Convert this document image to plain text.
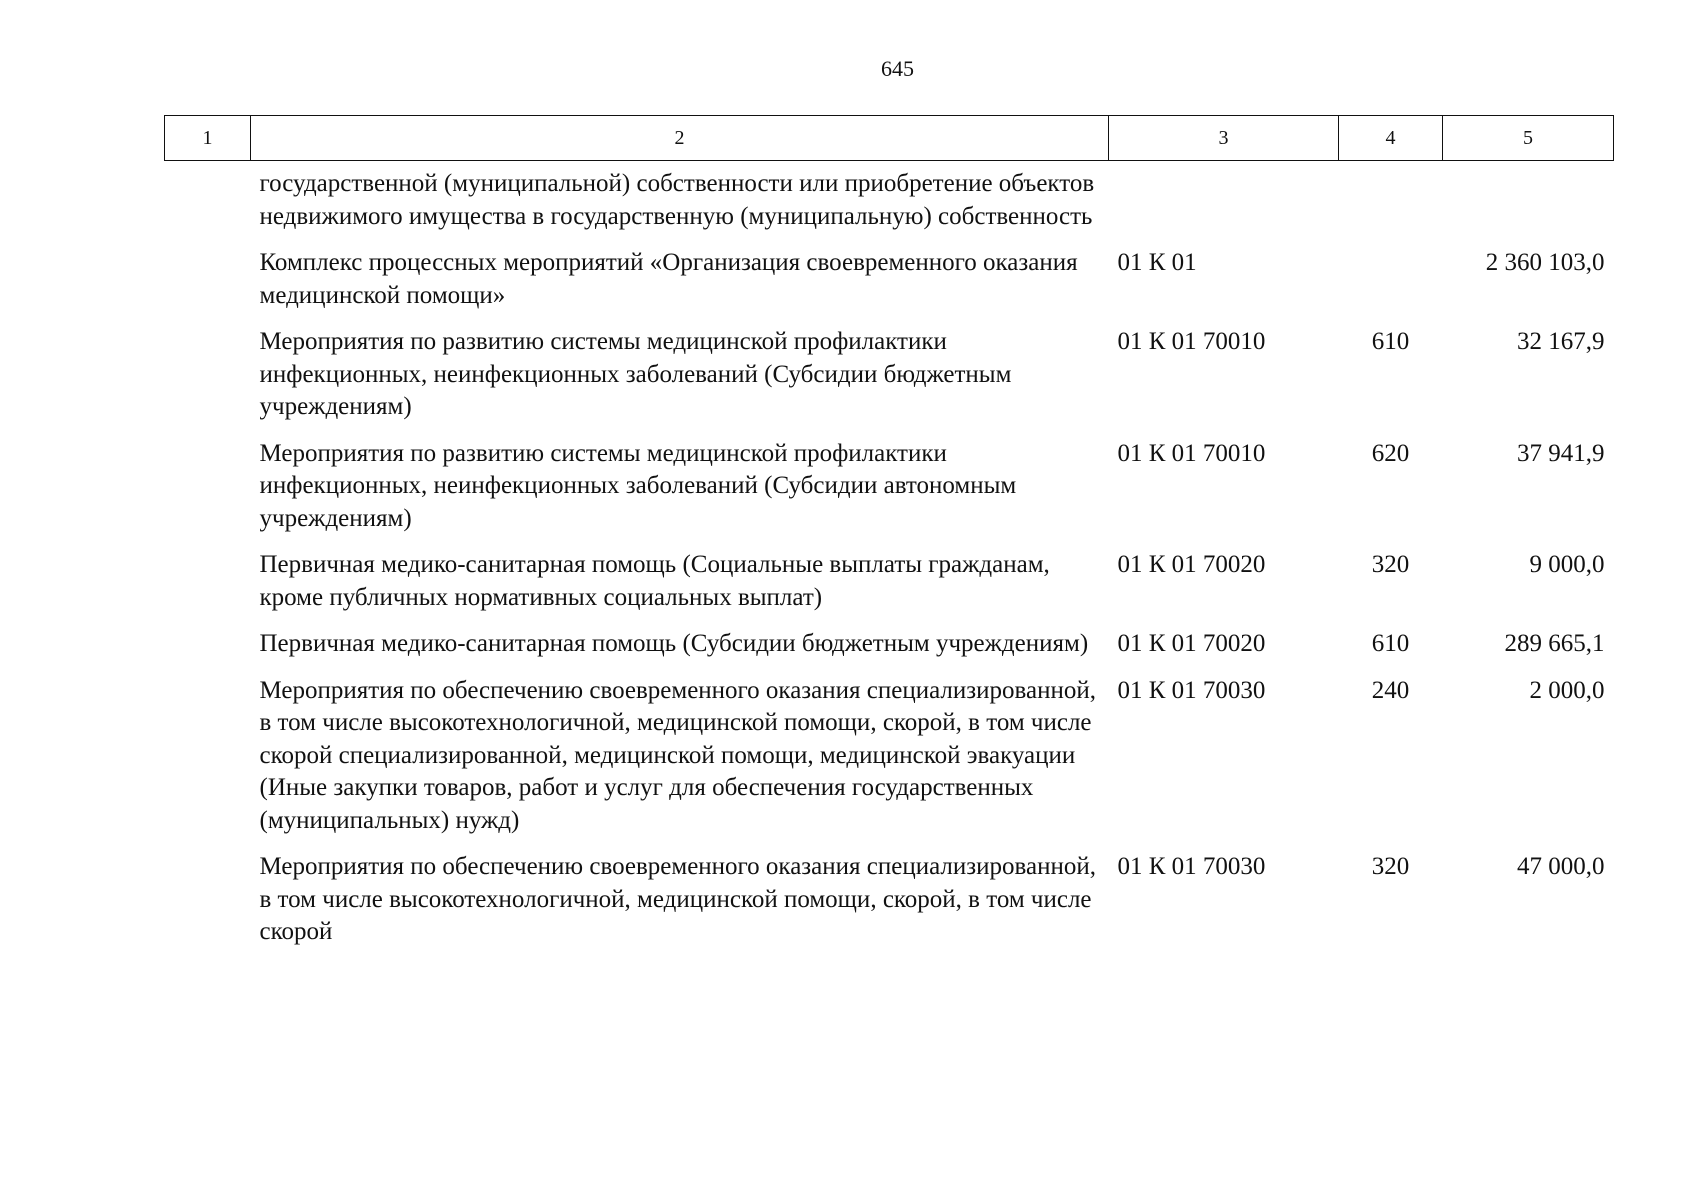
645
1	2	3	4	5
	государственной (муниципальной) собственности или приобретение объектов недвижимого имущества в государственную (муниципальную) собственность			
	Комплекс процессных мероприятий «Организация своевременного оказания медицинской помощи»	01 К 01		2 360 103,0
	Мероприятия по развитию системы медицинской профилактики инфекционных, неинфекционных заболеваний (Субсидии бюджетным учреждениям)	01 К 01 70010	610	32 167,9
	Мероприятия по развитию системы медицинской профилактики инфекционных, неинфекционных заболеваний (Субсидии автономным учреждениям)	01 К 01 70010	620	37 941,9
	Первичная медико-санитарная помощь (Социальные выплаты гражданам, кроме публичных нормативных социальных выплат)	01 К 01 70020	320	9 000,0
	Первичная медико-санитарная помощь (Субсидии бюджетным учреждениям)	01 К 01 70020	610	289 665,1
	Мероприятия по обеспечению своевременного оказания специализированной, в том числе высокотехнологичной, медицинской помощи, скорой, в том числе скорой специализированной, медицинской помощи, медицинской эвакуации (Иные закупки товаров, работ и услуг для обеспечения государственных (муниципальных) нужд)	01 К 01 70030	240	2 000,0
	Мероприятия по обеспечению своевременного оказания специализированной, в том числе высокотехнологичной, медицинской помощи, скорой, в том числе скорой	01 К 01 70030	320	47 000,0
